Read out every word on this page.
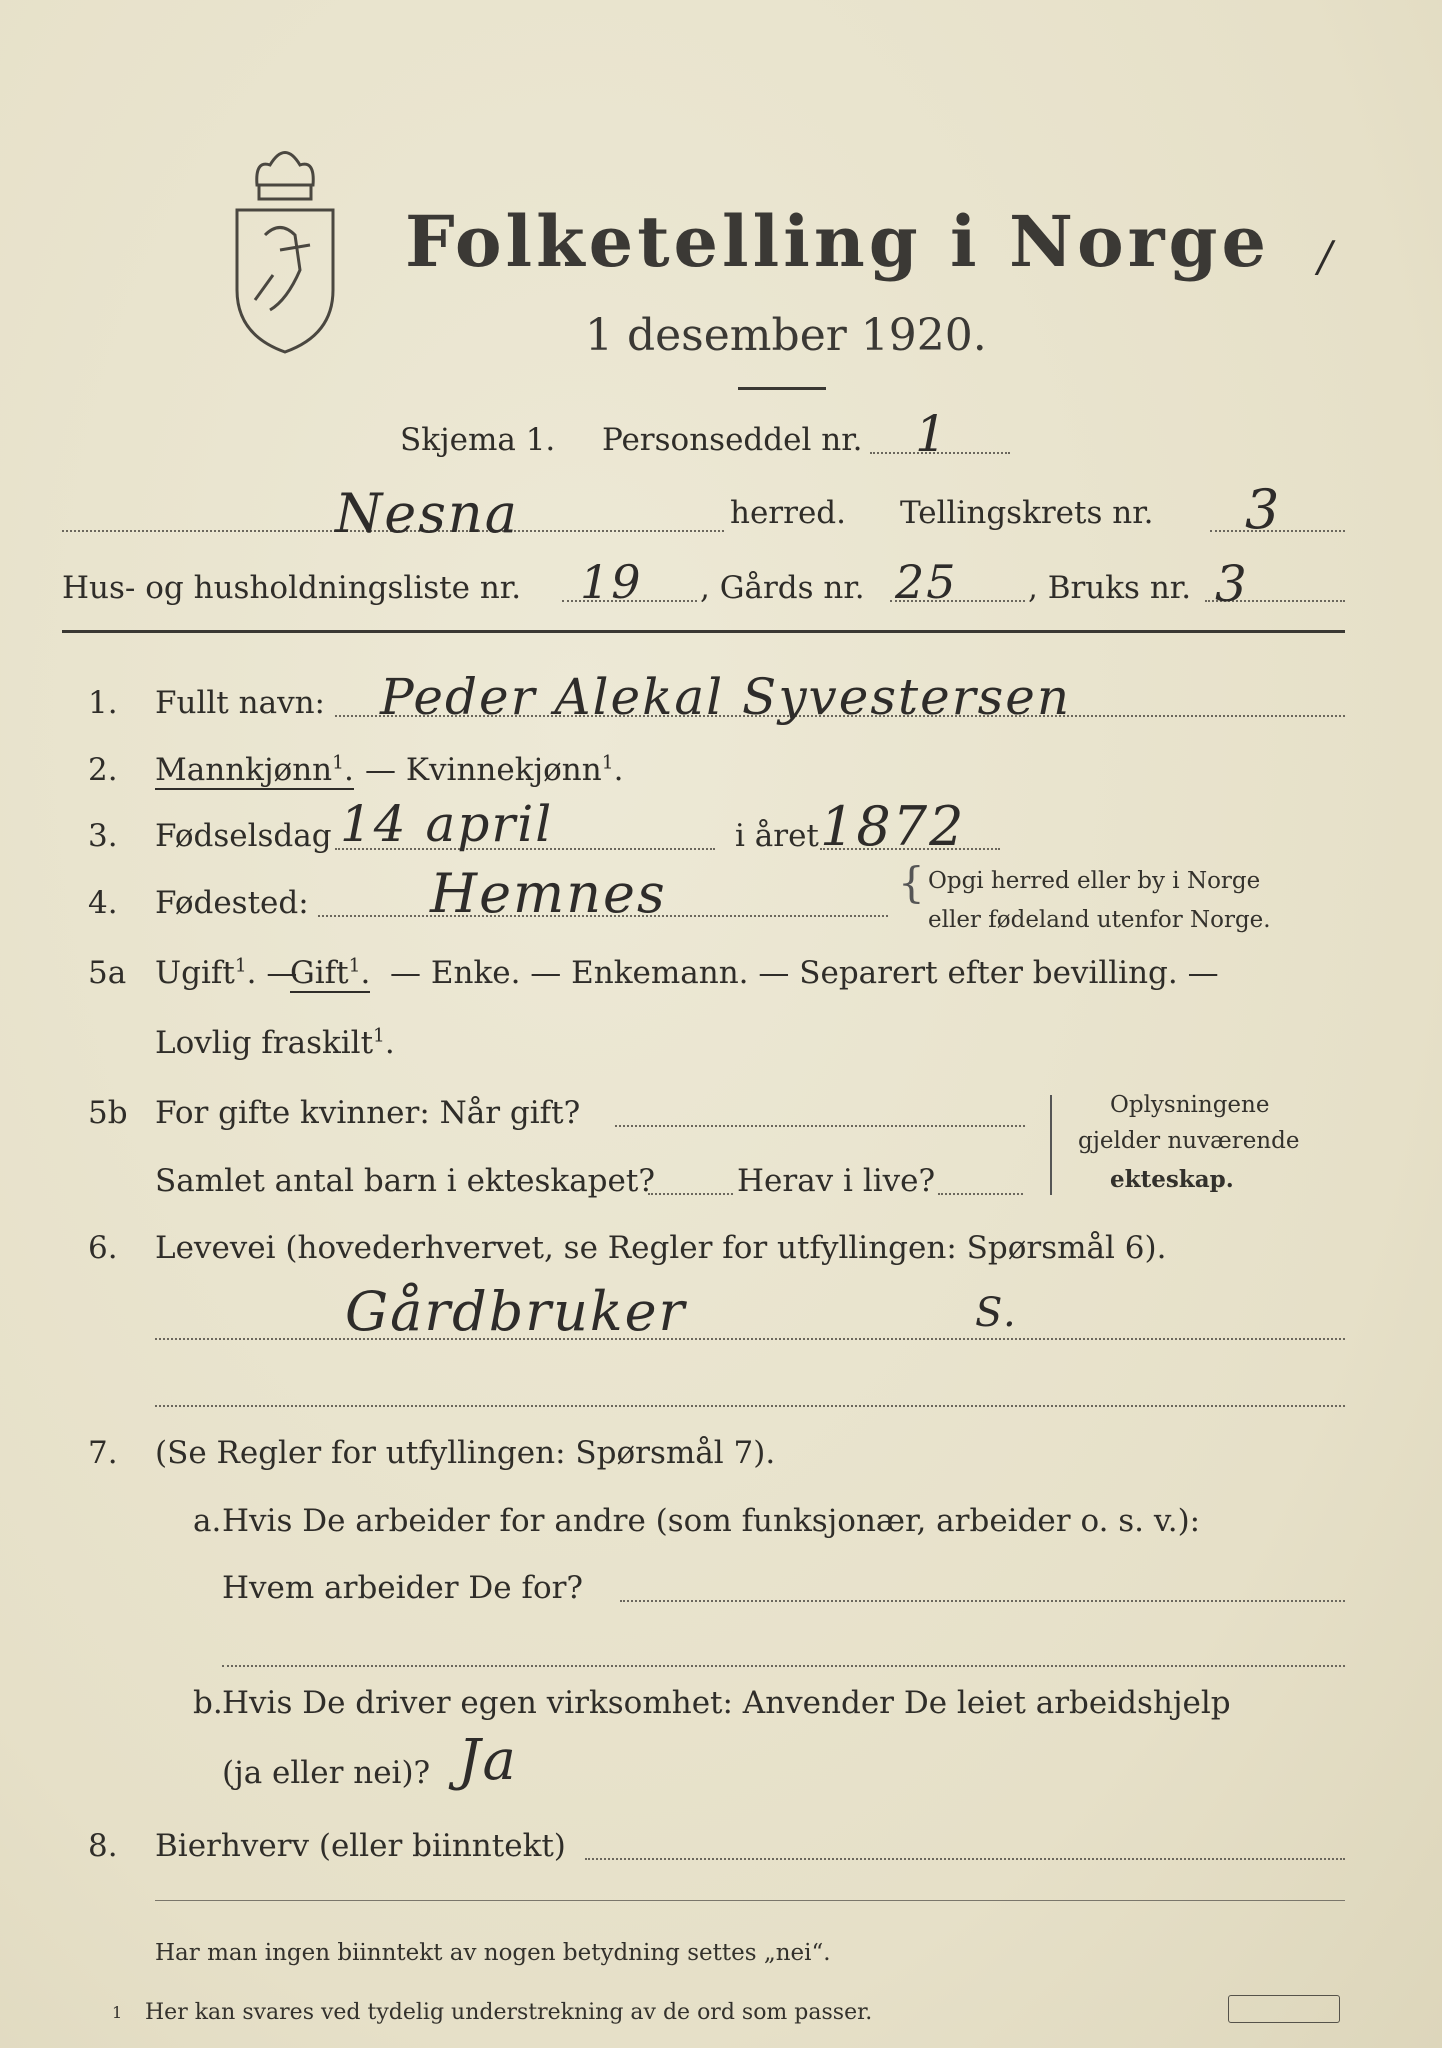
Folketelling i Norge
1 desember 1920.
/
Skjema 1. Personseddel nr. 1
Nesna	herred. Tellingskrets nr. 3
Hus- og husholdningsliste nr. 19 , Gårds nr. 25 , Bruks nr. 3
1. Fullt navn: Peder Alekal Syvestersen
2. Mannkjønn$^1$. — Kvinnekjønn$^1$.
3. Fødselsdag 14 april	i året 1872
4. Fødested: Hemnes	{ Opgi herred eller by i Norge
eller fødeland utenfor Norge.
5a Ugift$^1$. —
Gift$^1$. — Enke. — Enkemann. — Separert efter bevilling. —
Lovlig fraskilt$^1$.
5b For gifte kvinner: Når gift?
Samlet antal barn i ekteskapet?	Herav i live?
Oplysningene
gjelder nuværende
ekteskap.
6. Levevei (hovederhvervet, se Regler for utfyllingen: Spørsmål 6).
Gårdbruker	S.
7. (Se Regler for utfyllingen: Spørsmål 7).
a. Hvis De arbeider for andre (som funksjonær, arbeider o. s. v.):
Hvem arbeider De for?
b. Hvis De driver egen virksomhet: Anvender De leiet arbeidshjelp
(ja eller nei)? Ja
8. Bierhverv (eller biinntekt)
Har man ingen biinntekt av nogen betydning settes „nei“.
1 Her kan svares ved tydelig understrekning av de ord som passer.
